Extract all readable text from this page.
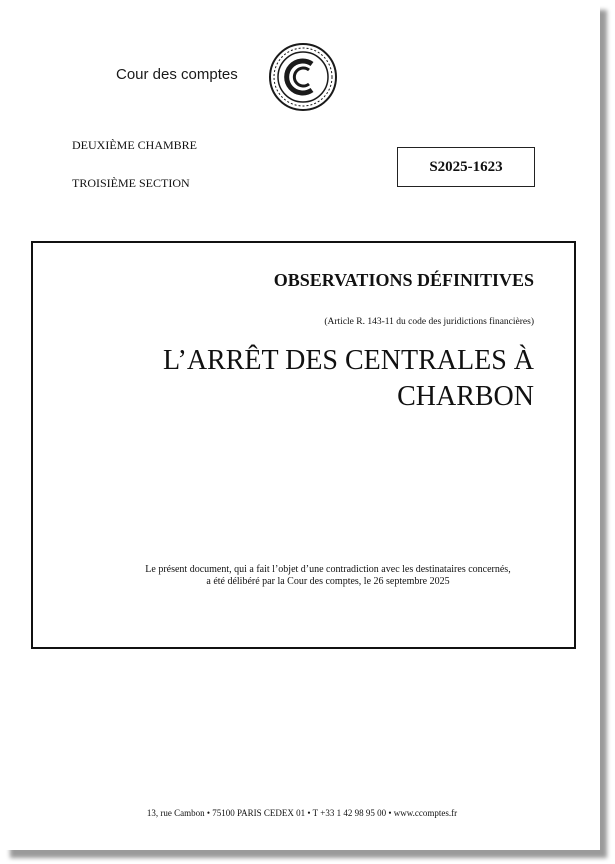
Cour des comptes
DEUXIÈME CHAMBRE
TROISIÈME SECTION
S2025-1623
OBSERVATIONS DÉFINITIVES
(Article R. 143-11 du code des juridictions financières)
L’ARRÊT DES CENTRALES À
CHARBON
Le présent document, qui a fait l’objet d’une contradiction avec les destinataires concernés,
a été délibéré par la Cour des comptes, le 26 septembre 2025
13, rue Cambon • 75100 PARIS CEDEX 01 • T +33 1 42 98 95 00 • www.ccomptes.fr
